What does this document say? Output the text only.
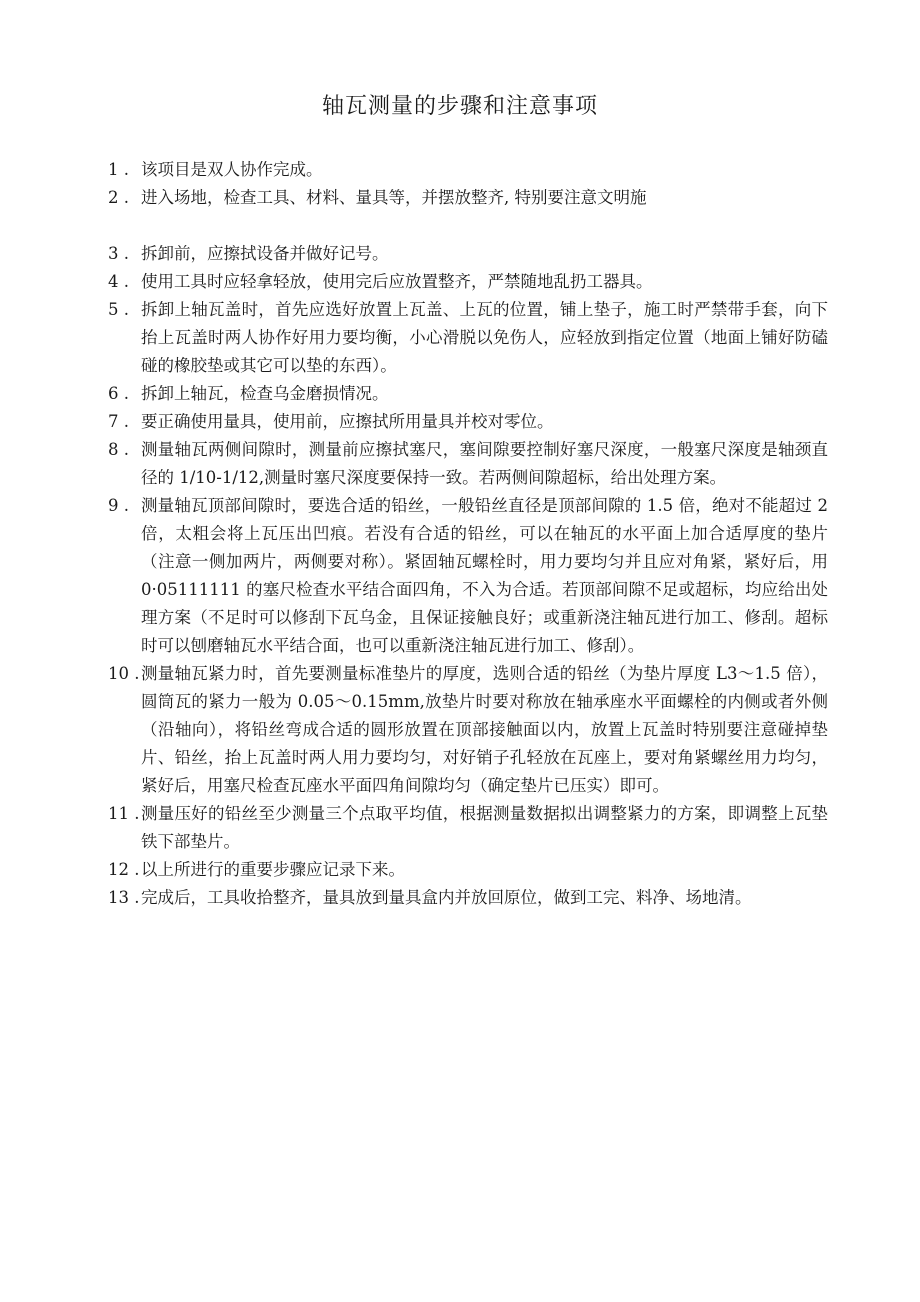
轴瓦测量的步骤和注意事项
1 . 该项目是双人协作完成。
2 . 进入场地，检查工具、材料、量具等，并摆放整齐, 特别要注意文明施
3 . 拆卸前，应擦拭设备并做好记号。
4 . 使用工具时应轻拿轻放，使用完后应放置整齐，严禁随地乱扔工器具。
5 . 拆卸上轴瓦盖时，首先应选好放置上瓦盖、上瓦的位置，铺上垫子，施工时严禁带手套，向下抬上瓦盖时两人协作好用力要均衡，小心滑脱以免伤人，应轻放到指定位置（地面上铺好防磕碰的橡胶垫或其它可以垫的东西）。
6 . 拆卸上轴瓦，检查乌金磨损情况。
7 . 要正确使用量具，使用前，应擦拭所用量具并校对零位。
8 . 测量轴瓦两侧间隙时，测量前应擦拭塞尺，塞间隙要控制好塞尺深度，一般塞尺深度是轴颈直径的 1/10-1/12,测量时塞尺深度要保持一致。若两侧间隙超标，给出处理方案。
9 . 测量轴瓦顶部间隙时，要选合适的铅丝，一般铅丝直径是顶部间隙的 1.5 倍，绝对不能超过 2 倍，太粗会将上瓦压出凹痕。若没有合适的铅丝，可以在轴瓦的水平面上加合适厚度的垫片（注意一侧加两片，两侧要对称）。紧固轴瓦螺栓时，用力要均匀并且应对角紧，紧好后，用 0·05111111 的塞尺检查水平结合面四角，不入为合适。若顶部间隙不足或超标，均应给出处理方案（不足时可以修刮下瓦乌金，且保证接触良好；或重新浇注轴瓦进行加工、修刮。超标时可以刨磨轴瓦水平结合面，也可以重新浇注轴瓦进行加工、修刮）。
10 . 测量轴瓦紧力时，首先要测量标准垫片的厚度，选则合适的铅丝（为垫片厚度 L3～1.5 倍），圆筒瓦的紧力一般为 0.05～0.15mm,放垫片时要对称放在轴承座水平面螺栓的内侧或者外侧（沿轴向），将铅丝弯成合适的圆形放置在顶部接触面以内，放置上瓦盖时特别要注意碰掉垫片、铅丝，抬上瓦盖时两人用力要均匀，对好销子孔轻放在瓦座上，要对角紧螺丝用力均匀，紧好后，用塞尺检查瓦座水平面四角间隙均匀（确定垫片已压实）即可。
11 . 测量压好的铅丝至少测量三个点取平均值，根据测量数据拟出调整紧力的方案，即调整上瓦垫铁下部垫片。
12 . 以上所进行的重要步骤应记录下来。
13 . 完成后，工具收拾整齐，量具放到量具盒内并放回原位，做到工完、料净、场地清。
